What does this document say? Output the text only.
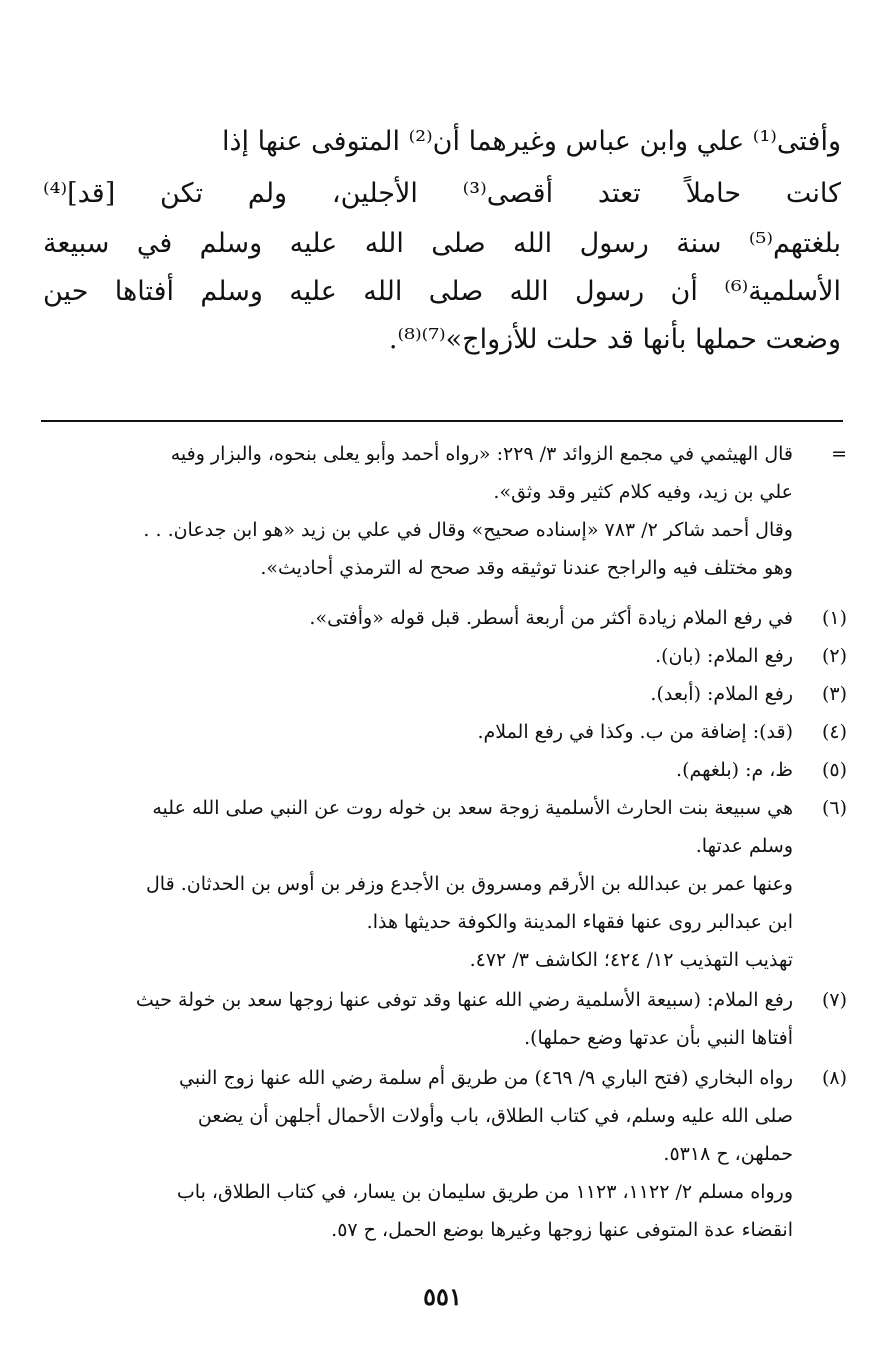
وأفتى⁽¹⁾ علي وابن عباس وغيرهما أن⁽²⁾ المتوفى عنها إذا
كانت حاملاً تعتد أقصى⁽³⁾ الأجلين، ولم تكن [قد]⁽⁴⁾
بلغتهم⁽⁵⁾ سنة رسول الله صلى الله عليه وسلم في سبيعة
الأسلمية⁽⁶⁾ أن رسول الله صلى الله عليه وسلم أفتاها حين
وضعت حملها بأنها قد حلت للأزواج»⁽⁷⁾⁽⁸⁾.
=
قال الهيثمي في مجمع الزوائد ٣/ ٢٢٩: «رواه أحمد وأبو يعلى بنحوه، والبزار وفيه
علي بن زيد، وفيه كلام كثير وقد وثق».
وقال أحمد شاكر ٢/ ٧٨٣ «إسناده صحيح» وقال في علي بن زيد «هو ابن جدعان. . .
وهو مختلف فيه والراجح عندنا توثيقه وقد صحح له الترمذي أحاديث».
(١)
في رفع الملام زيادة أكثر من أربعة أسطر. قبل قوله «وأفتى».
(٢)
رفع الملام: (بان).
(٣)
رفع الملام: (أبعد).
(٤)
(قد): إضافة من ب. وكذا في رفع الملام.
(٥)
ظ، م: (بلغهم).
(٦)
هي سبيعة بنت الحارث الأسلمية زوجة سعد بن خوله روت عن النبي صلى الله عليه
وسلم عدتها.
وعنها عمر بن عبدالله بن الأرقم ومسروق بن الأجدع وزفر بن أوس بن الحدثان. قال
ابن عبدالبر روى عنها فقهاء المدينة والكوفة حديثها هذا.
تهذيب التهذيب ١٢/ ٤٢٤؛ الكاشف ٣/ ٤٧٢.
(٧)
رفع الملام: (سبيعة الأسلمية رضي الله عنها وقد توفى عنها زوجها سعد بن خولة حيث
أفتاها النبي بأن عدتها وضع حملها).
(٨)
رواه البخاري (فتح الباري ٩/ ٤٦٩) من طريق أم سلمة رضي الله عنها زوج النبي
صلى الله عليه وسلم، في كتاب الطلاق، باب وأولات الأحمال أجلهن أن يضعن
حملهن، ح ٥٣١٨.
ورواه مسلم ٢/ ١١٢٢، ١١٢٣ من طريق سليمان بن يسار، في كتاب الطلاق، باب
انقضاء عدة المتوفى عنها زوجها وغيرها بوضع الحمل، ح ٥٧.
٥٥١
